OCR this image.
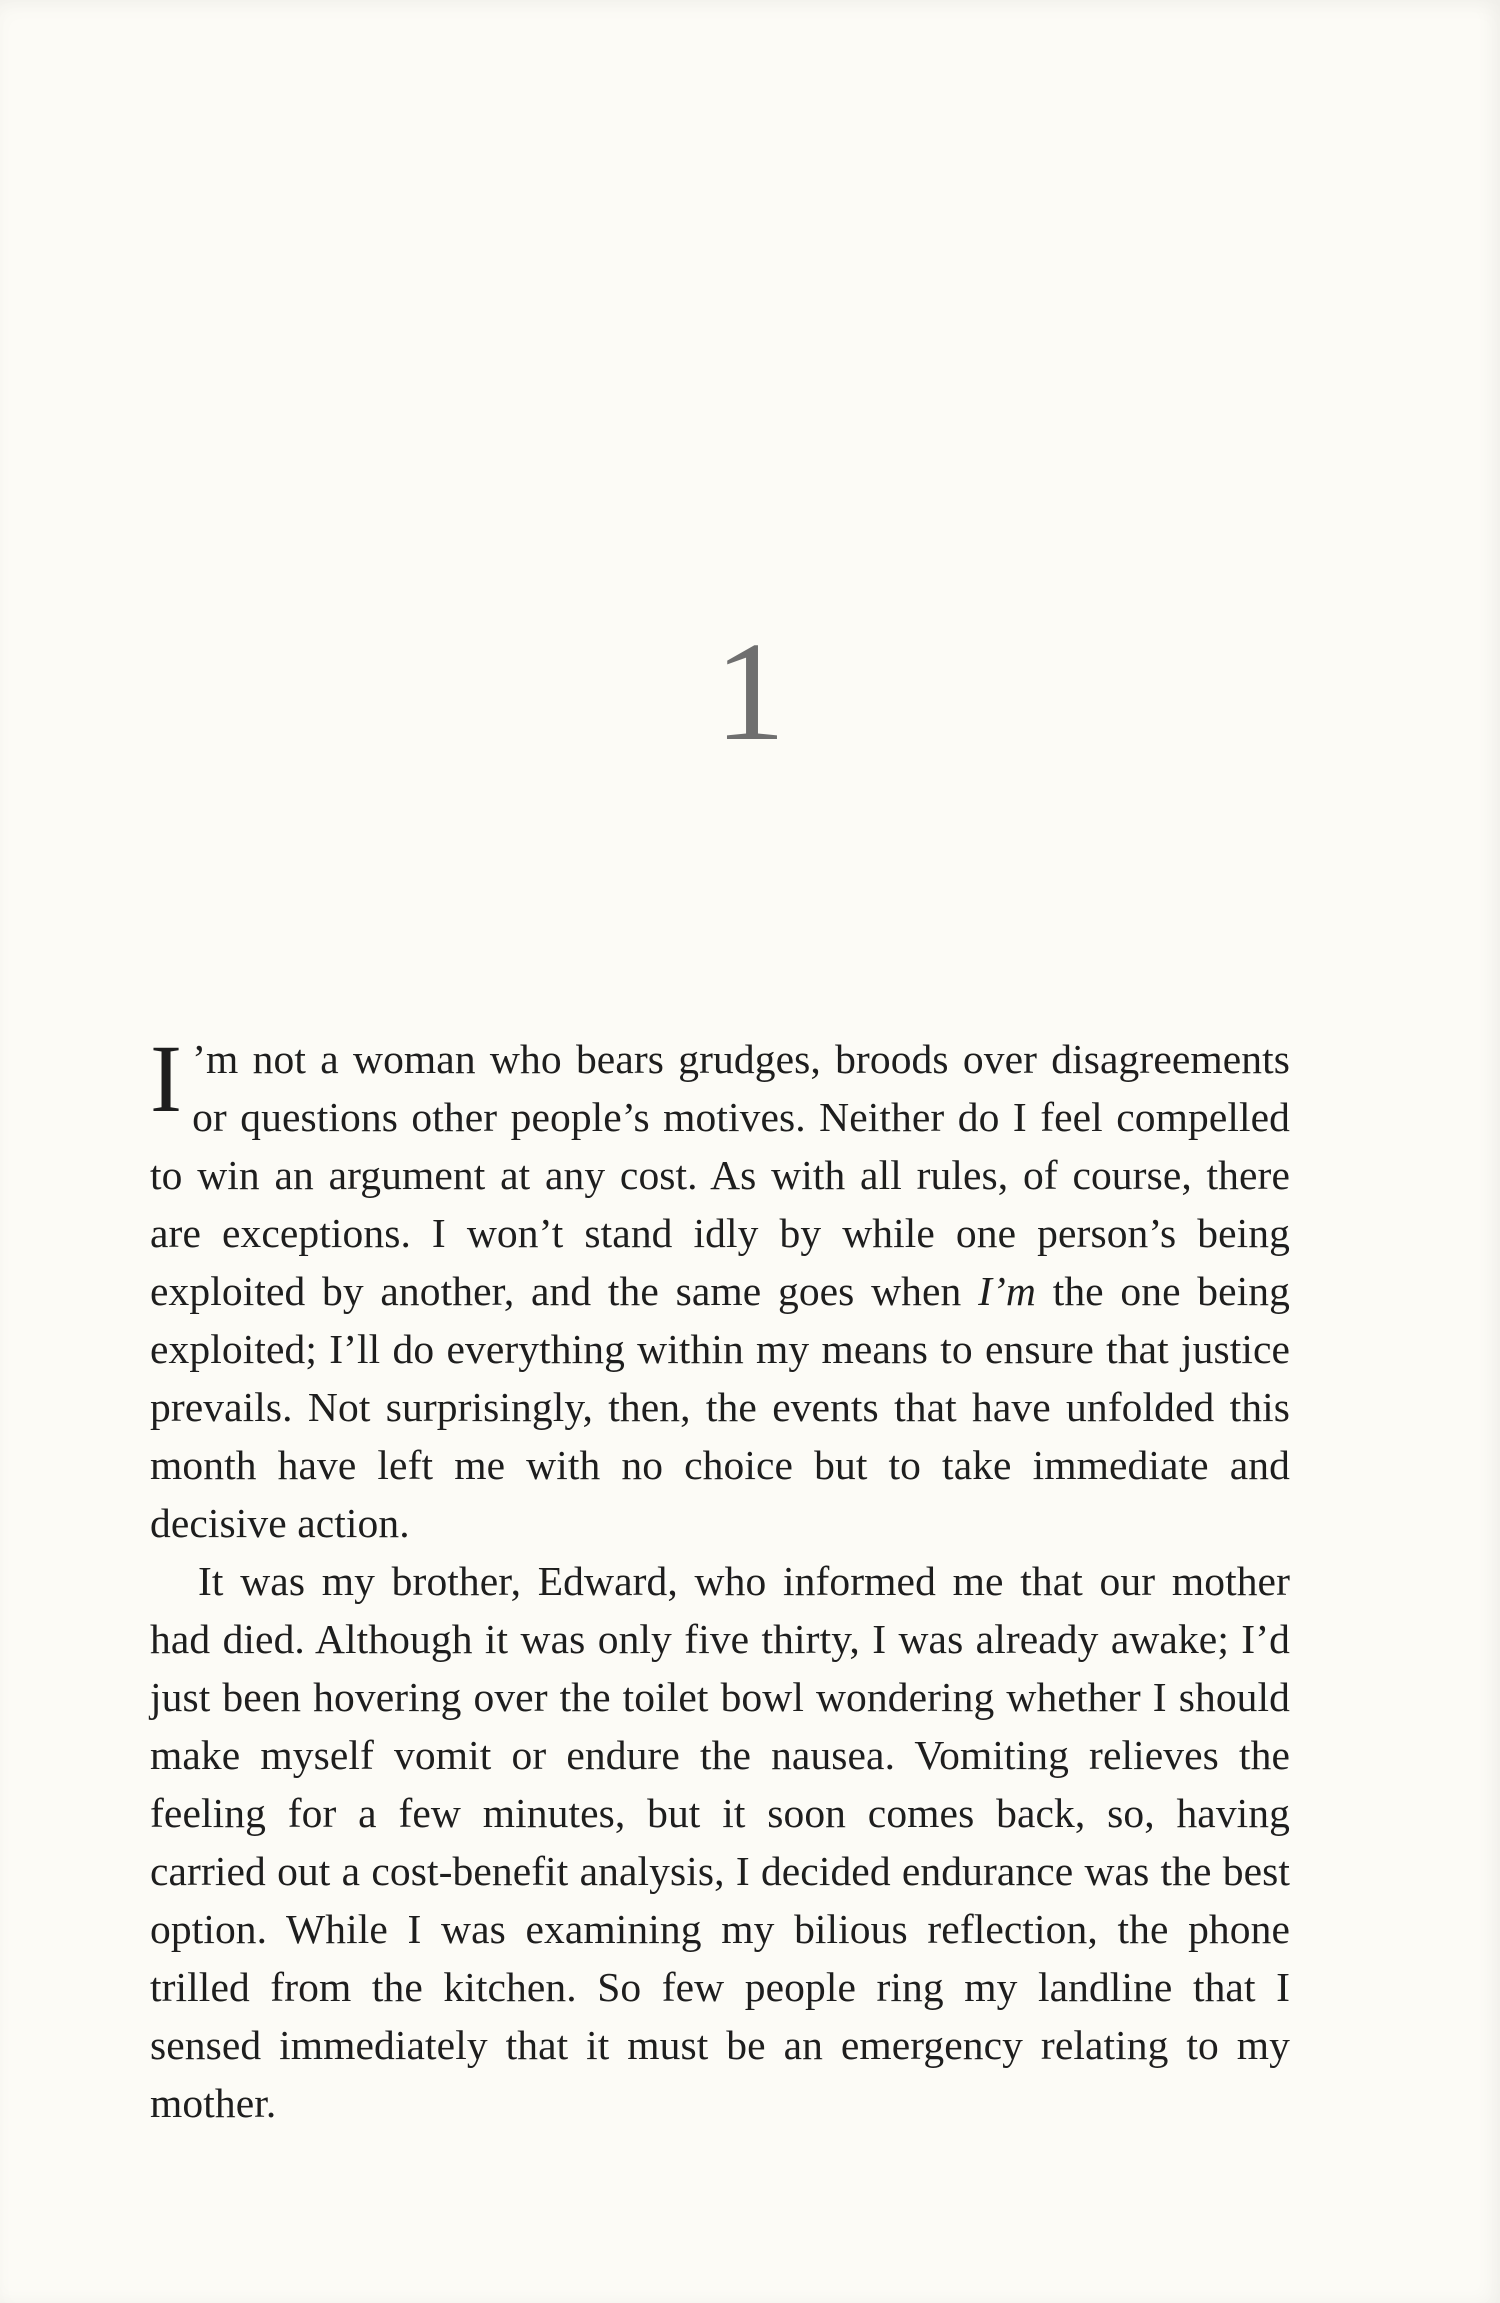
1

I ’m not a woman who bears grudges, broods over disagreements or questions other people’s motives. Neither do I feel compelled to win an argument at any cost. As with all rules, of course, there are exceptions. I won’t stand idly by while one person’s being exploited by another, and the same goes when I’m the one being exploited; I’ll do everything within my means to ensure that justice prevails. Not surprisingly, then, the events that have unfolded this month have left me with no choice but to take immediate and decisive action.

It was my brother, Edward, who informed me that our mother had died. Although it was only five thirty, I was already awake; I’d just been hovering over the toilet bowl wondering whether I should make myself vomit or endure the nausea. Vomiting relieves the feeling for a few minutes, but it soon comes back, so, having carried out a cost-benefit analysis, I decided endurance was the best option. While I was examining my bilious reflection, the phone trilled from the kitchen. So few people ring my landline that I sensed immediately that it must be an emergency relating to my mother.
